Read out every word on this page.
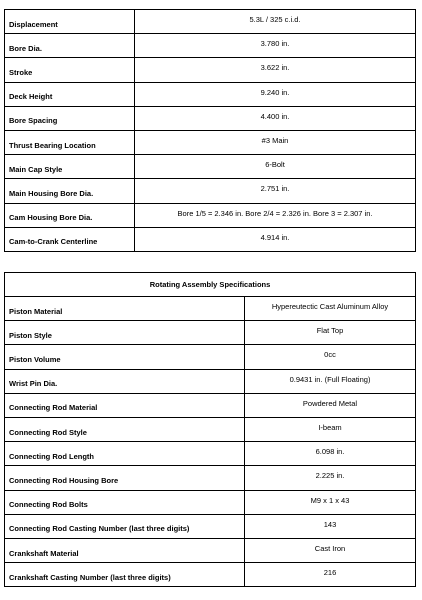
Displacement	5.3L / 325 c.i.d.
Bore Dia.	3.780 in.
Stroke	3.622 in.
Deck Height	9.240 in.
Bore Spacing	4.400 in.
Thrust Bearing Location	#3 Main
Main Cap Style	6-Bolt
Main Housing Bore Dia.	2.751 in.
Cam Housing Bore Dia.	Bore 1/5 = 2.346 in. Bore 2/4 = 2.326 in. Bore 3 = 2.307 in.
Cam-to-Crank Centerline	4.914 in.
Rotating Assembly Specifications	
Piston Material	Hypereutectic Cast Aluminum Alloy
Piston Style	Flat Top
Piston Volume	0cc
Wrist Pin Dia.	0.9431 in. (Full Floating)
Connecting Rod Material	Powdered Metal
Connecting Rod Style	I-beam
Connecting Rod Length	6.098 in.
Connecting Rod Housing Bore	2.225 in.
Connecting Rod Bolts	M9 x 1 x 43
Connecting Rod Casting Number (last three digits)	143
Crankshaft Material	Cast Iron
Crankshaft Casting Number (last three digits)	216
